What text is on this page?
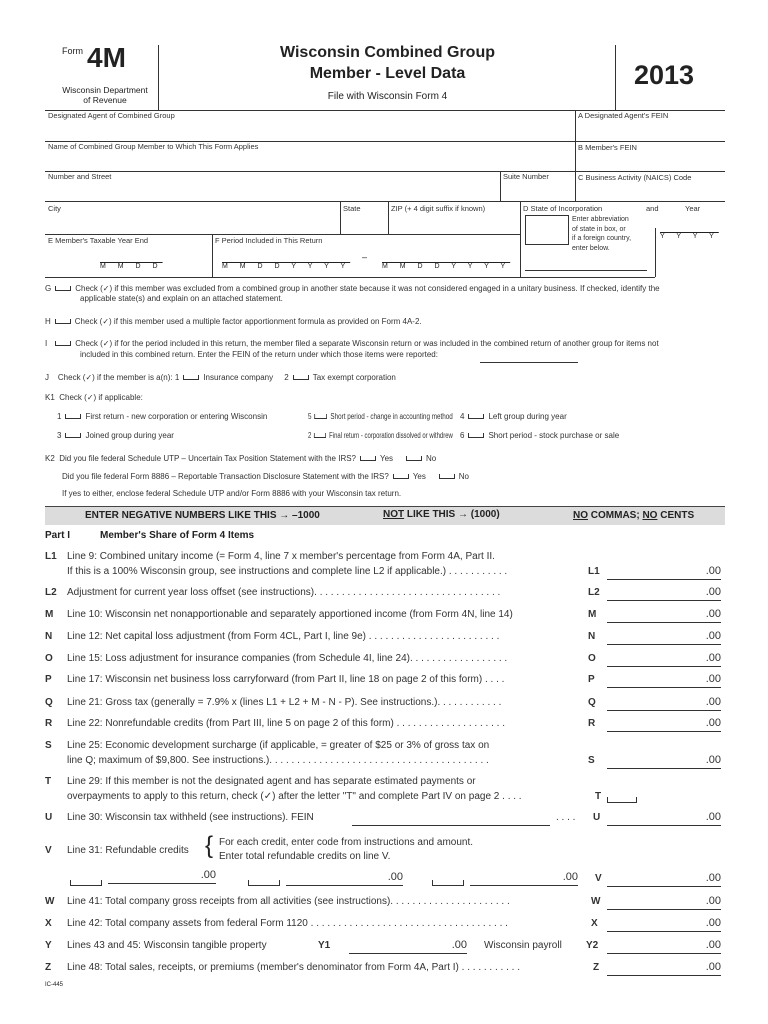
Form 4M
Wisconsin Department
of Revenue
Wisconsin Combined Group
Member - Level Data
File with Wisconsin Form 4
2013
Designated Agent of Combined Group	A Designated Agent's FEIN
Name of Combined Group Member to Which This Form Applies	B Member's FEIN
Number and Street	Suite Number	C Business Activity (NAICS) Code
City	State	ZIP (+ 4 digit suffix if known)	D State of Incorporation	and	Year
Enter abbreviation
of state in box, or
if a foreign country,
enter below.
Y Y Y Y
E Member's Taxable Year End
M M D D
F Period Included in This Return
M M D D Y Y Y Y
–
M M D D Y Y Y Y
G	Check (✓) if this member was excluded from a combined group in another state because it was not considered engaged in a unitary business. If checked, identify the
applicable state(s) and explain on an attached statement.
H	Check (✓) if this member used a multiple factor apportionment formula as provided on Form 4A-2.
I	Check (✓) if for the period included in this return, the member filed a separate Wisconsin return or was included in the combined return of another group for items not
included in this combined return. Enter the FEIN of the return under which those items were reported:
J Check (✓) if the member is a(n): 1	Insurance company 2	Tax exempt corporation
K1 Check (✓) if applicable:
1	First return - new corporation or entering Wisconsin
3	Joined group during year
5 Short period - change in accounting method
2 Final return - corporation dissolved or withdrew
4	Left group during year
6	Short period - stock purchase or sale
K2 Did you file federal Schedule UTP – Uncertain Tax Position Statement with the IRS?	Yes	No
Did you file federal Form 8886 – Reportable Transaction Disclosure Statement with the IRS?	Yes	No
If yes to either, enclose federal Schedule UTP and/or Form 8886 with your Wisconsin tax return.
ENTER NEGATIVE NUMBERS LIKE THIS → –1000	NOT LIKE THIS → (1000)	NO COMMAS; NO CENTS
Part I	Member's Share of Form 4 Items
L1 Line 9: Combined unitary income (= Form 4, line 7 x member's percentage from Form 4A, Part II.
If this is a 100% Wisconsin group, see instructions and complete line L2 if applicable.) . . . . . . . . . . .	L1	.00
L2 Adjustment for current year loss offset (see instructions). . . . . . . . . . . . . . . . . . . . . . . . . . . . . . . . . .	L2	.00
M Line 10: Wisconsin net nonapportionable and separately apportioned income (from Form 4N, line 14)	M	.00
N Line 12: Net capital loss adjustment (from Form 4CL, Part I, line 9e) . . . . . . . . . . . . . . . . . . . . . . . .	N	.00
O Line 15: Loss adjustment for insurance companies (from Schedule 4I, line 24). . . . . . . . . . . . . . . . . .	O	.00
P Line 17: Wisconsin net business loss carryforward (from Part II, line 18 on page 2 of this form) . . . .	P	.00
Q Line 21: Gross tax (generally = 7.9% x (lines L1 + L2 + M - N - P). See instructions.). . . . . . . . . . . .	Q	.00
R Line 22: Nonrefundable credits (from Part III, line 5 on page 2 of this form) . . . . . . . . . . . . . . . . . . . .	R	.00
S Line 25: Economic development surcharge (if applicable, = greater of $25 or 3% of gross tax on
line Q; maximum of $9,800. See instructions.). . . . . . . . . . . . . . . . . . . . . . . . . . . . . . . . . . . . . . . .	S	.00
T Line 29: If this member is not the designated agent and has separate estimated payments or
overpayments to apply to this return, check (✓) after the letter "T" and complete Part IV on page 2 . . . .	T
U Line 30: Wisconsin tax withheld (see instructions). FEIN	. . . . U	.00
V Line 31: Refundable credits { For each credit, enter code from instructions and amount.
Enter total refundable credits on line V.
.00	.00	.00 V	.00
W Line 41: Total company gross receipts from all activities (see instructions). . . . . . . . . . . . . . . . . . . . . .	W	.00
X Line 42: Total company assets from federal Form 1120 . . . . . . . . . . . . . . . . . . . . . . . . . . . . . . . . . . . .	X	.00
Y Lines 43 and 45: Wisconsin tangible property	Y1	.00 Wisconsin payroll Y2	.00
Z Line 48: Total sales, receipts, or premiums (member's denominator from Form 4A, Part I) . . . . . . . . . . .	Z	.00
IC-445
